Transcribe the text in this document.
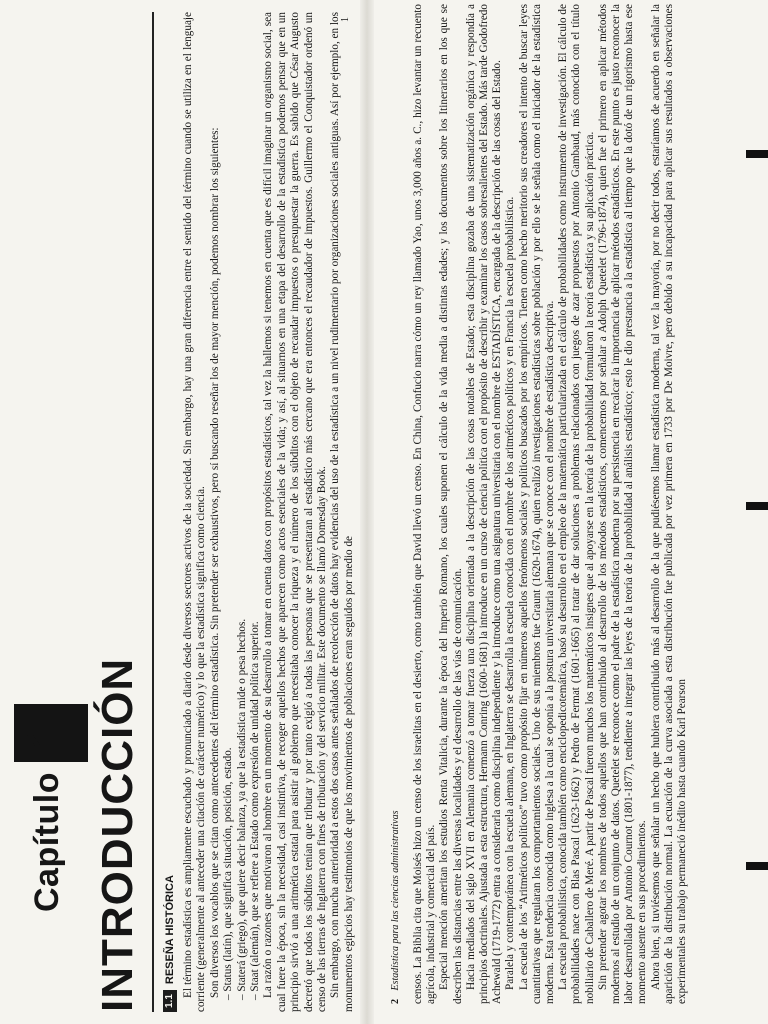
Capítulo
1 INTRODUCCIÓN 1.1
RESEÑA HISTÓRICA El término estadística es ampliamente escuchado y pronunciado a diario desde diversos sectores activos de la sociedad. Sin embargo, hay una gran diferencia entre el sentido del término cuando se utiliza en el lenguaje corriente (generalmente al anteceder una citación de carácter numérico) y lo que la estadística significa como ciencia. Son diversos los vocablos que se citan como antecedentes del término estadística. Sin pretender ser exhaustivos, pero sí buscando reseñar los de mayor mención, podemos nombrar los siguientes: – Status (latín), que significa situación, posición, estado. – Staterá (griego), que quiere decir balanza, ya que la estadística mide o pesa hechos. – Staat (alemán), que se refiere a Estado como expresión de unidad política superior. La razón o razones que motivaron al hombre en un momento de su desarrollo a tomar en cuenta datos con propósitos estadísticos, tal vez la hallemos si tenemos en cuenta que es difícil imaginar un organismo social, sea cual fuere la época, sin la necesidad, casi instintiva, de recoger aquellos hechos que aparecen como actos esenciales de la vida; y así, al situarnos en una etapa del desarrollo de la estadística podemos pensar que en un principio sirvió a una aritmética estatal para asistir al gobierno que necesitaba conocer la riqueza y el número de los súbditos con el objeto de recaudar impuestos o presupuestar la guerra. Es sabido que César Augusto decretó que todos los súbditos tenían que tributar y por tanto exigió a todas las personas que se presentaran al estadístico más cercano que era entonces el recaudador de impuestos. Guillermo el Conquistador ordenó un censo de las tierras de Inglaterra con fines de tributación y del servicio militar. Este documento se llamó Domesday Book. Sin embargo, con mucha anterioridad a estos dos casos antes señalados de recolección de datos hay evidencias del uso de la estadística a un nivel rudimentario por organizaciones sociales antiguas. Así por ejemplo, en los monumentos egipcios hay testimonios de que los movimientos de poblaciones eran seguidos por medio de

1
2 Estadística para las ciencias administrativas censos. La Biblia cita que Moisés hizo un censo de los israelitas en el desierto, como también que David llevó un censo. En China, Confucio narra cómo un rey llamado Yao, unos 3,000 años a. C., hizo levantar un recuento agrícola, industrial y comercial del país. Especial mención ameritan los estudios Renta Vitalicia, durante la época del Imperio Romano, los cuales suponen el cálculo de la vida media a distintas edades; y los documentos sobre los Itinerarios en los que se describen las distancias entre las diversas localidades y el desarrollo de las vías de comunicación. Hacia mediados del siglo XVII en Alemania comenzó a tomar fuerza una disciplina orientada a la descripción de las cosas notables de Estado; esta disciplina gozaba de una sistematización orgánica y respondía a principios doctrinales. Ajustada a esta estructura, Hermann Conring (1600-1681) la introduce en un curso de ciencia política con el propósito de describir y examinar los casos sobresalientes del Estado. Más tarde Godofredo Achewald (1719-1772) entra a considerarla como disciplina independiente y la introduce como una asignatura universitaria con el nombre de ESTADÍSTICA, encargada de la descripción de las cosas del Estado. Paralela y contemporánea con la escuela alemana, en Inglaterra se desarrolla la escuela conocida con el nombre de los aritméticos políticos y en Francia la escuela probabilística. La escuela de los “Aritméticos políticos” tuvo como propósito fijar en números aquellos fenómenos sociales y políticos buscados por los empíricos. Tienen como hecho meritorio sus creadores el intento de buscar leyes cuantitativas que regularan los comportamientos sociales. Uno de sus miembros fue Graunt (1620-1674), quien realizó investigaciones estadísticas sobre población y por ello se le señala como el iniciador de la estadística moderna. Esta tendencia conocida como inglesa a la cual se oponía a la postura universitaria alemana que se conoce con el nombre de estadística descriptiva. La escuela probabilística, conocida también como enciclopedicotemática, basó su desarrollo en el empleo de la matemática particularizada en el cálculo de probabilidades como instrumento de investigación. El cálculo de probabilidades nace con Blas Pascal (1623-1662) y Pedro de Fermat (1601-1665) al tratar de dar soluciones a problemas relacionados con juegos de azar propuestos por Antonio Gambaud, más conocido con el título nobiliario de Caballero de Meré. A partir de Pascal fueron muchos los matemáticos insignes que al apoyarse en la teoría de la probabilidad formularon la teoría estadística y su aplicación práctica. Sin pretender agotar los nombres de todos aquellos que han contribuido al desarrollo de los métodos estadísticos, comencemos por señalar a Adolph Quetelet (1796-1874), quien fue el primero en aplicar métodos modernos al estudio de un conjunto de datos. Quetelet se reconoce como el padre de la estadística moderna por su persistencia en recalcar la importancia de aplicar métodos estadísticos. En este punto es justo reconocer la labor desarrollada por Antonio Cournot (1801-1877), tendiente a integrar las leyes de la teoría de la probabilidad al análisis estadístico; esto le dio prestancia a la estadística al tiempo que la dotó de un rigorismo hasta ese momento ausente en sus procedimientos. Ahora bien, si tuviésemos que señalar un hecho que hubiera contribuido más al desarrollo de la que pudiésemos llamar estadística moderna, tal vez la mayoría, por no decir todos, estaríamos de acuerdo en señalar la aparición de la distribución normal. La ecuación de la curva asociada a esta distribución fue publicada por vez primera en 1733 por De Moivre, pero debido a su incapacidad para aplicar sus resultados a observaciones experimentales su trabajo permaneció inédito hasta cuando Karl Pearson
